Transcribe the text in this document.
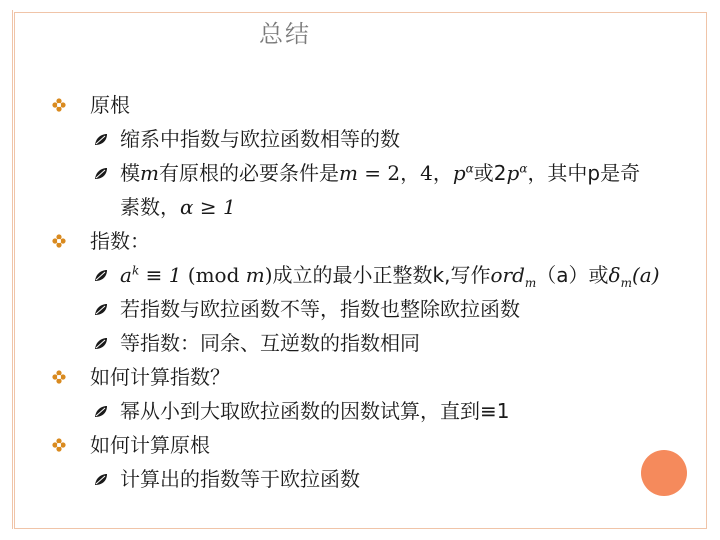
总结
原根
缩系中指数与欧拉函数相等的数
模m有原根的必要条件是m = 2，4，$p^\alpha$或$2p^\alpha$，其中p是奇
素数，α ≥ 1
指数：
$a^k \equiv 1$ (mod m)成立的最小正整数k,写作ord$_m$（a）或$\delta_m(a)$
若指数与欧拉函数不等，指数也整除欧拉函数
等指数：同余、互逆数的指数相同
如何计算指数？
幂从小到大取欧拉函数的因数试算，直到≡1
如何计算原根
计算出的指数等于欧拉函数
